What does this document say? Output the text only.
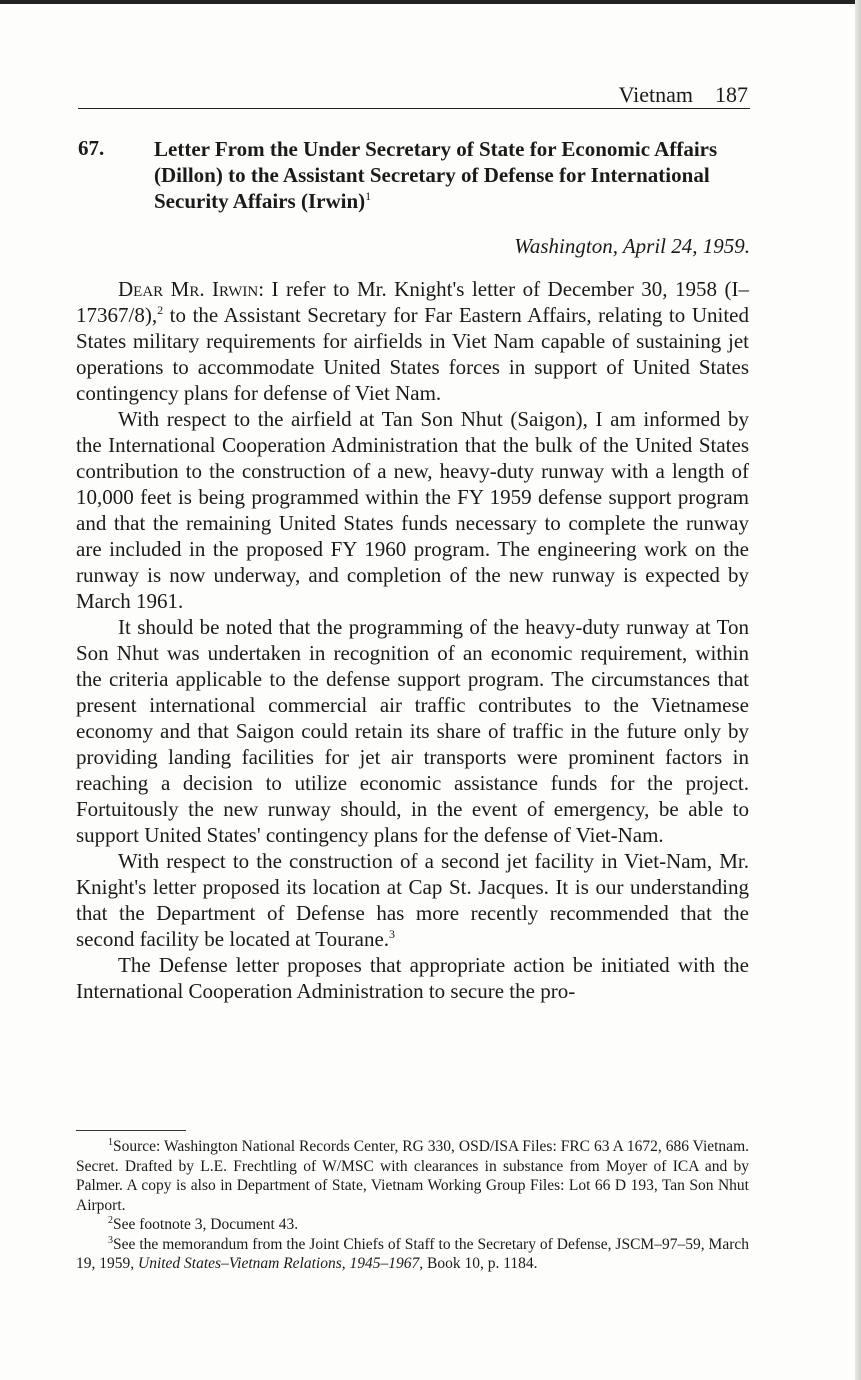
Vietnam 187
67. Letter From the Under Secretary of State for Economic Affairs (Dillon) to the Assistant Secretary of Defense for International Security Affairs (Irwin)$^1$
Washington, April 24, 1959.

Dear Mr. Irwin: I refer to Mr. Knight's letter of December 30, 1958 (I–17367/8),$^2$ to the Assistant Secretary for Far Eastern Affairs, relating to United States military requirements for airfields in Viet Nam capable of sustaining jet operations to accommodate United States forces in support of United States contingency plans for defense of Viet Nam.

With respect to the airfield at Tan Son Nhut (Saigon), I am informed by the International Cooperation Administration that the bulk of the United States contribution to the construction of a new, heavy-duty runway with a length of 10,000 feet is being programmed within the FY 1959 defense support program and that the remaining United States funds necessary to complete the runway are included in the proposed FY 1960 program. The engineering work on the runway is now underway, and completion of the new runway is expected by March 1961.

It should be noted that the programming of the heavy-duty runway at Ton Son Nhut was undertaken in recognition of an economic requirement, within the criteria applicable to the defense support program. The circumstances that present international commercial air traffic contributes to the Vietnamese economy and that Saigon could retain its share of traffic in the future only by providing landing facilities for jet air transports were prominent factors in reaching a decision to utilize economic assistance funds for the project. Fortuitously the new runway should, in the event of emergency, be able to support United States' contingency plans for the defense of Viet-Nam.

With respect to the construction of a second jet facility in Viet-Nam, Mr. Knight's letter proposed its location at Cap St. Jacques. It is our understanding that the Department of Defense has more recently recommended that the second facility be located at Tourane.$^3$

The Defense letter proposes that appropriate action be initiated with the International Cooperation Administration to secure the pro-

$^1$Source: Washington National Records Center, RG 330, OSD/ISA Files: FRC 63 A 1672, 686 Vietnam. Secret. Drafted by L.E. Frechtling of W/MSC with clearances in substance from Moyer of ICA and by Palmer. A copy is also in Department of State, Vietnam Working Group Files: Lot 66 D 193, Tan Son Nhut Airport.

$^2$See footnote 3, Document 43.

$^3$See the memorandum from the Joint Chiefs of Staff to the Secretary of Defense, JSCM–97–59, March 19, 1959, United States–Vietnam Relations, 1945–1967, Book 10, p. 1184.
